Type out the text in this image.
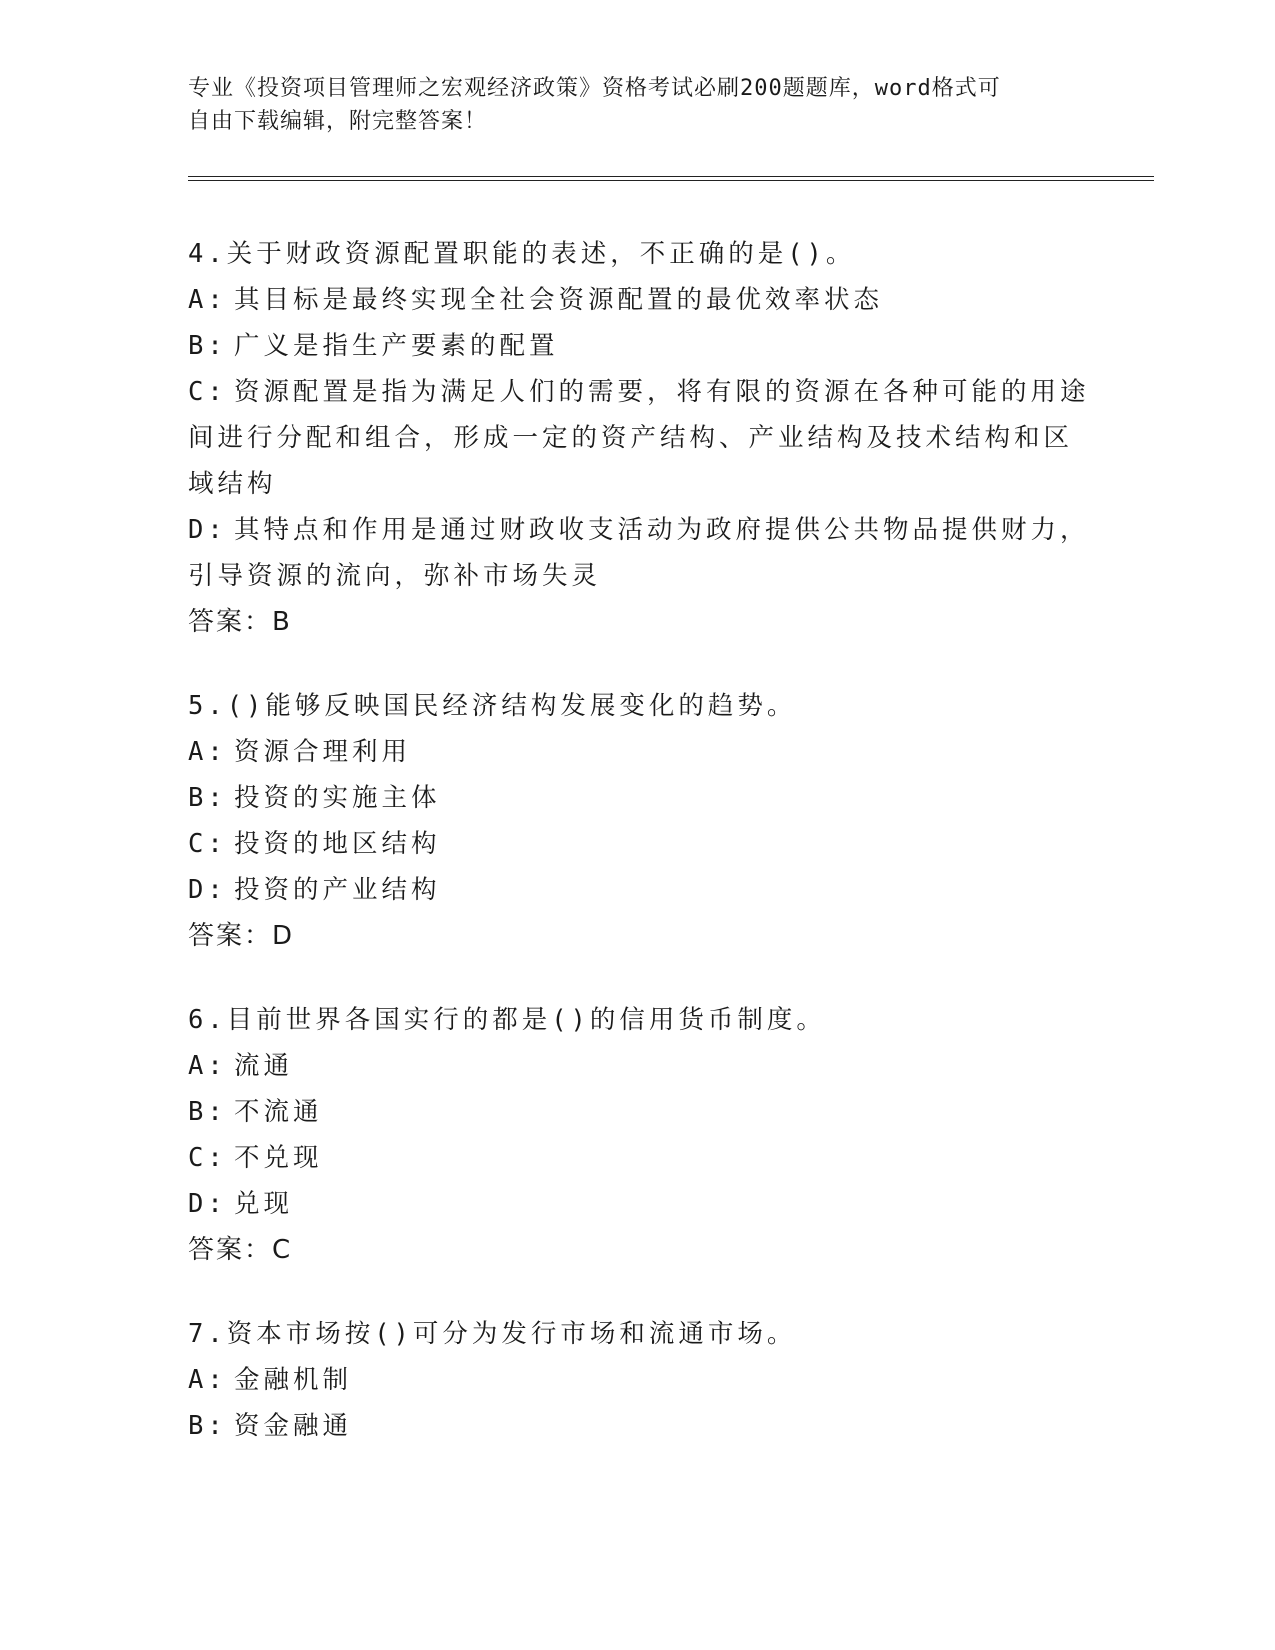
专业《投资项目管理师之宏观经济政策》资格考试必刷200题题库，word格式可
自由下载编辑，附完整答案！
4.关于财政资源配置职能的表述，不正确的是()。
A: 其目标是最终实现全社会资源配置的最优效率状态
B: 广义是指生产要素的配置
C: 资源配置是指为满足人们的需要，将有限的资源在各种可能的用途
间进行分配和组合，形成一定的资产结构、产业结构及技术结构和区
域结构
D: 其特点和作用是通过财政收支活动为政府提供公共物品提供财力，
引导资源的流向，弥补市场失灵
答案：B
5.()能够反映国民经济结构发展变化的趋势。
A: 资源合理利用
B: 投资的实施主体
C: 投资的地区结构
D: 投资的产业结构
答案：D
6.目前世界各国实行的都是()的信用货币制度。
A: 流通
B: 不流通
C: 不兑现
D: 兑现
答案：C
7.资本市场按()可分为发行市场和流通市场。
A: 金融机制
B: 资金融通
